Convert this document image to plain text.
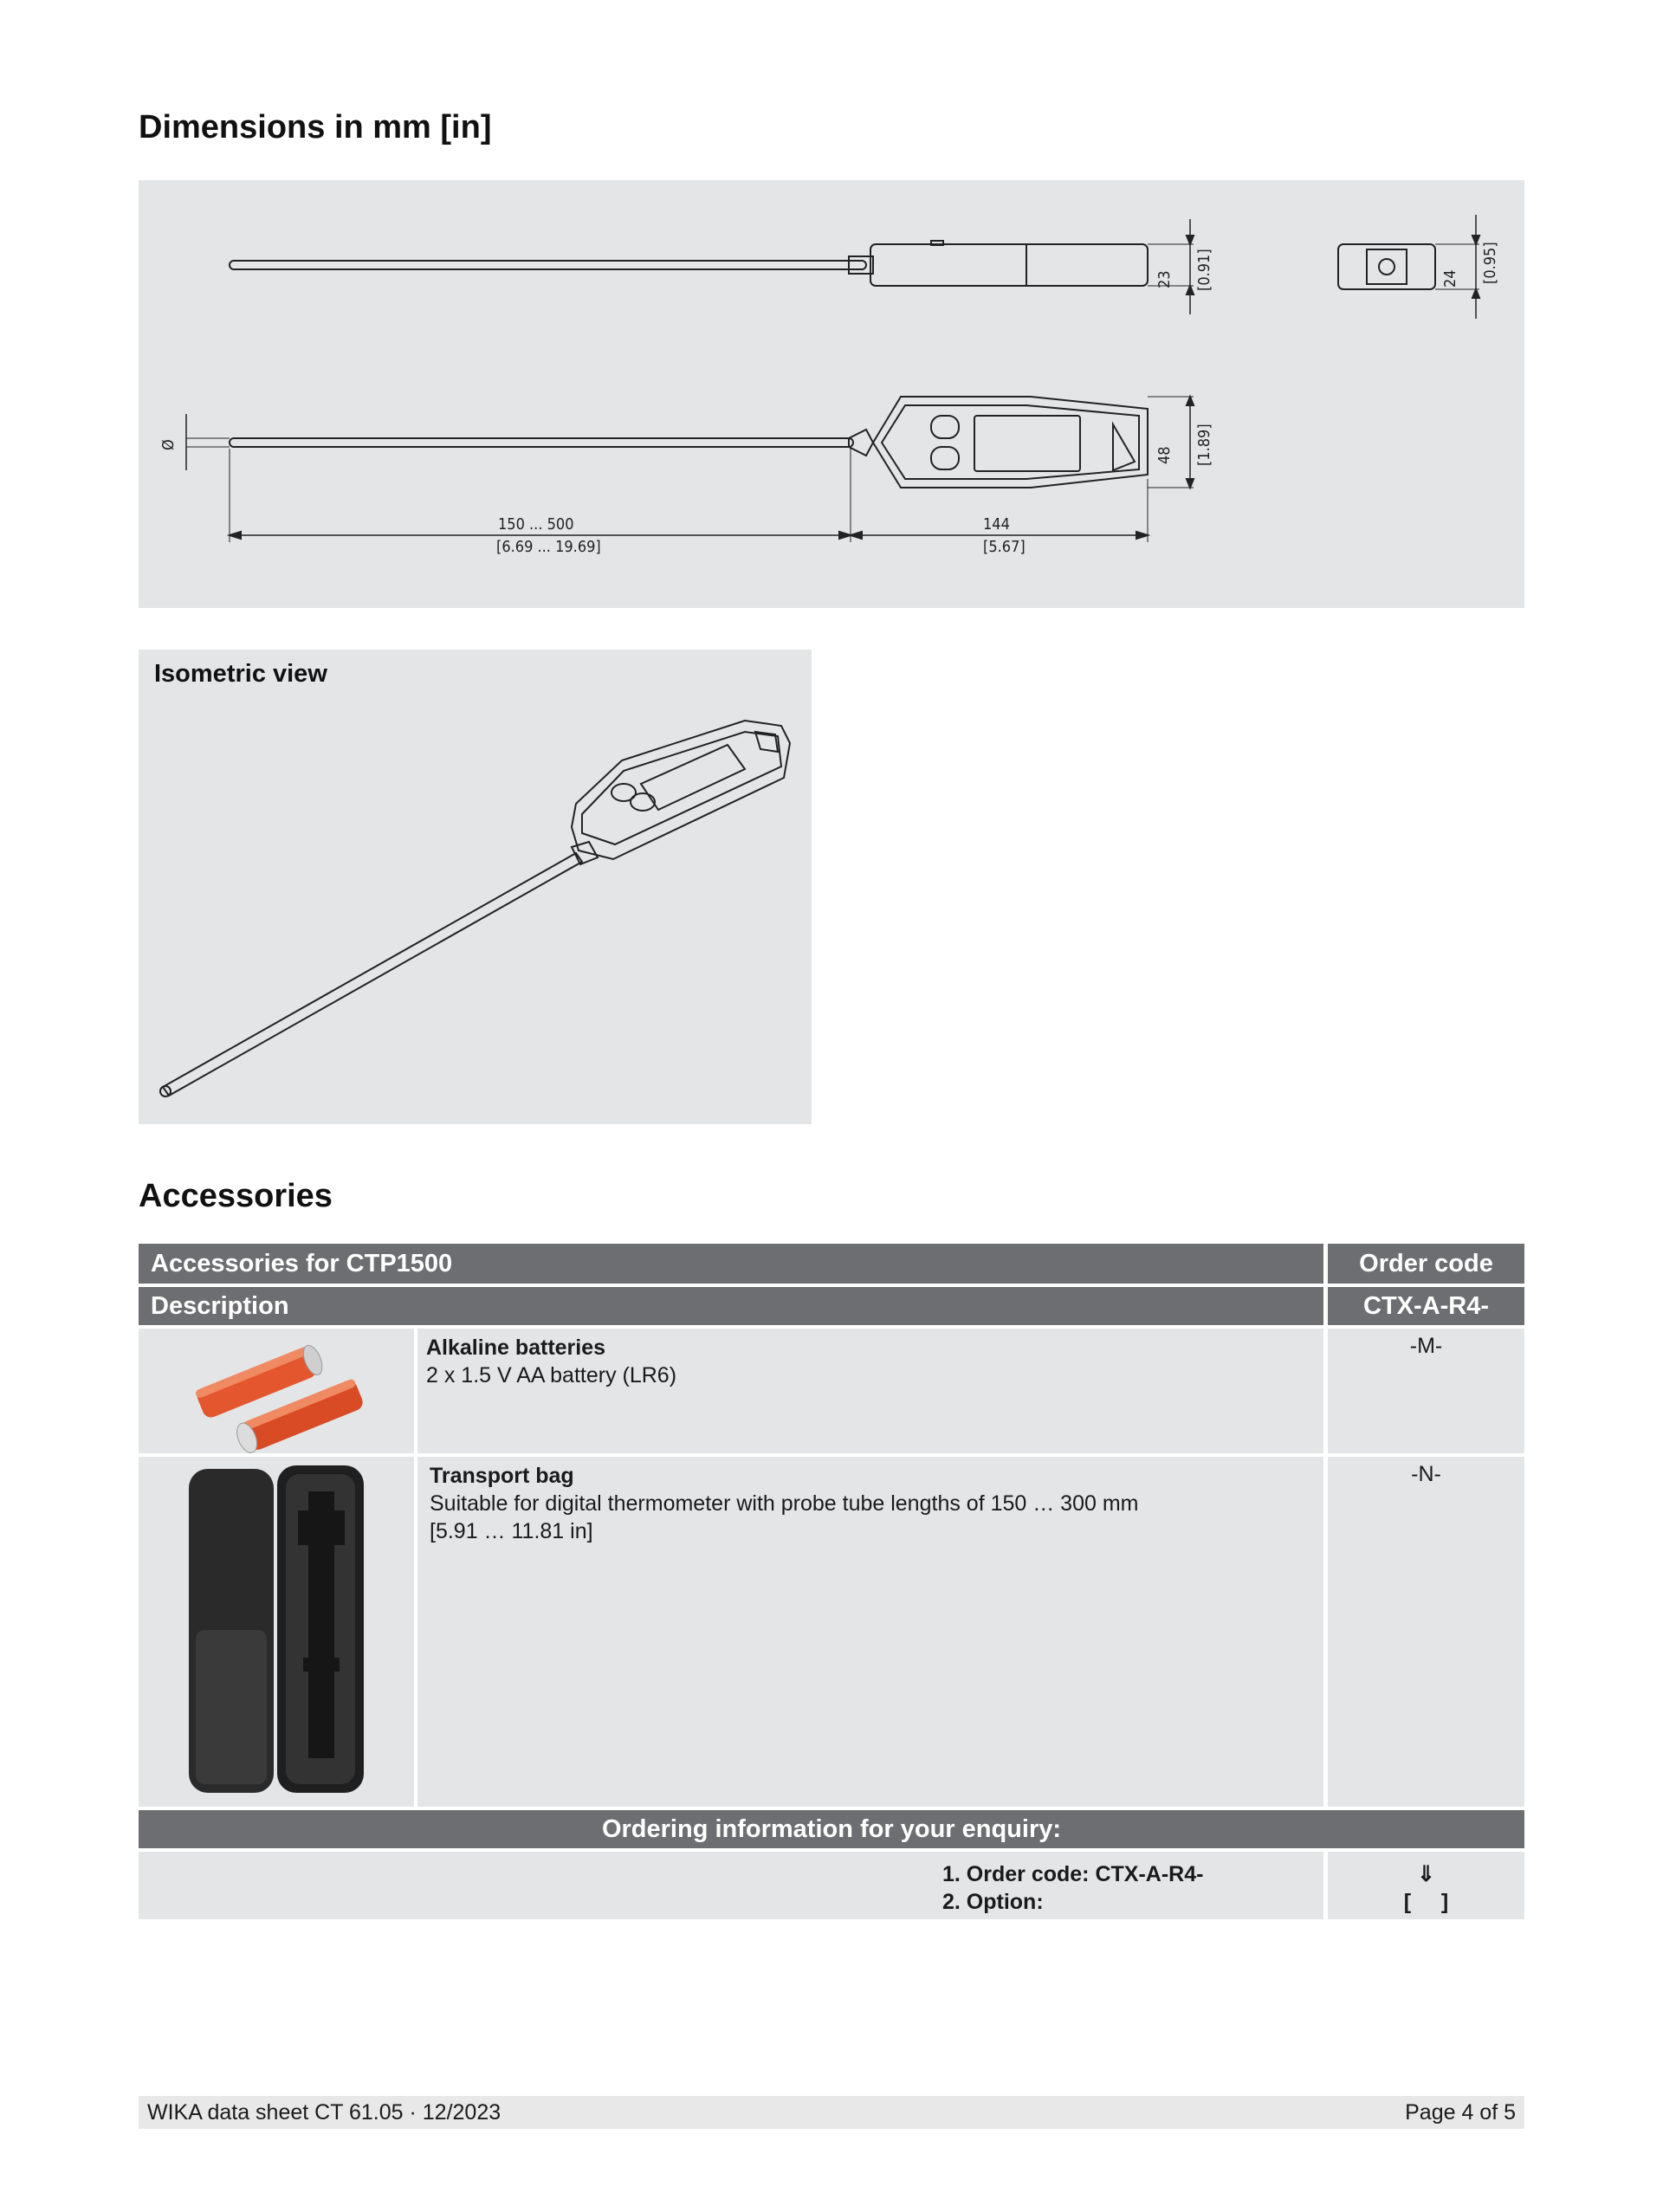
Dimensions in mm [in]
23 [0.91]	24 [0.95]
48 [1.89]
Ø
150 ... 500
[6.69 ... 19.69]
144
[5.67]
Isometric view
Accessories
Accessories for CTP1500	Order code
Description	CTX-A-R4-
Alkaline batteries
2 x 1.5 V AA battery (LR6)
-M-
Transport bag
Suitable for digital thermometer with probe tube lengths of 150 … 300 mm
[5.91 … 11.81 in]
-N-
Ordering information for your enquiry:
1. Order code: CTX-A-R4-
2. Option:
⇓
[     ]
WIKA data sheet CT 61.05 · 12/2023	Page 4 of 5
